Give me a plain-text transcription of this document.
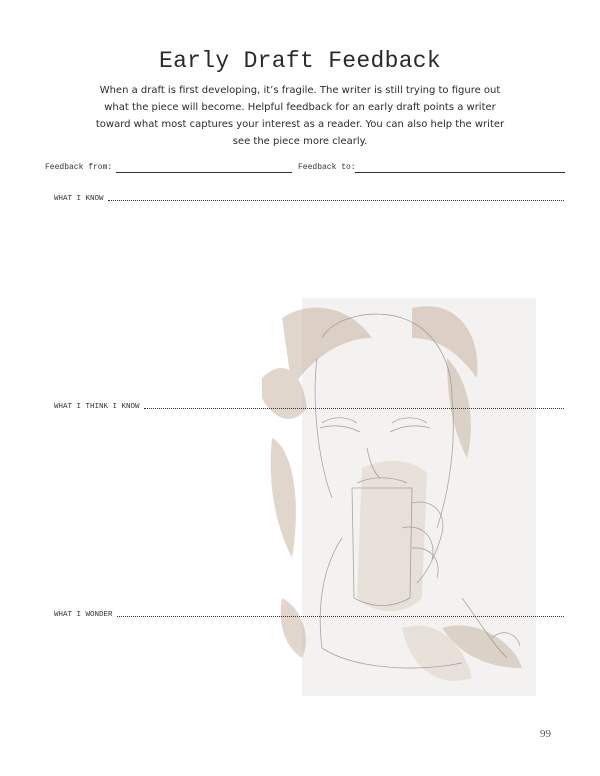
Early Draft Feedback
When a draft is first developing, it’s fragile. The writer is still trying to figure out what the piece will become. Helpful feedback for an early draft points a writer toward what most captures your interest as a reader. You can also help the writer see the piece more clearly.
Feedback from:	Feedback to:
WHAT I KNOW
WHAT I THINK I KNOW
WHAT I WONDER
99
